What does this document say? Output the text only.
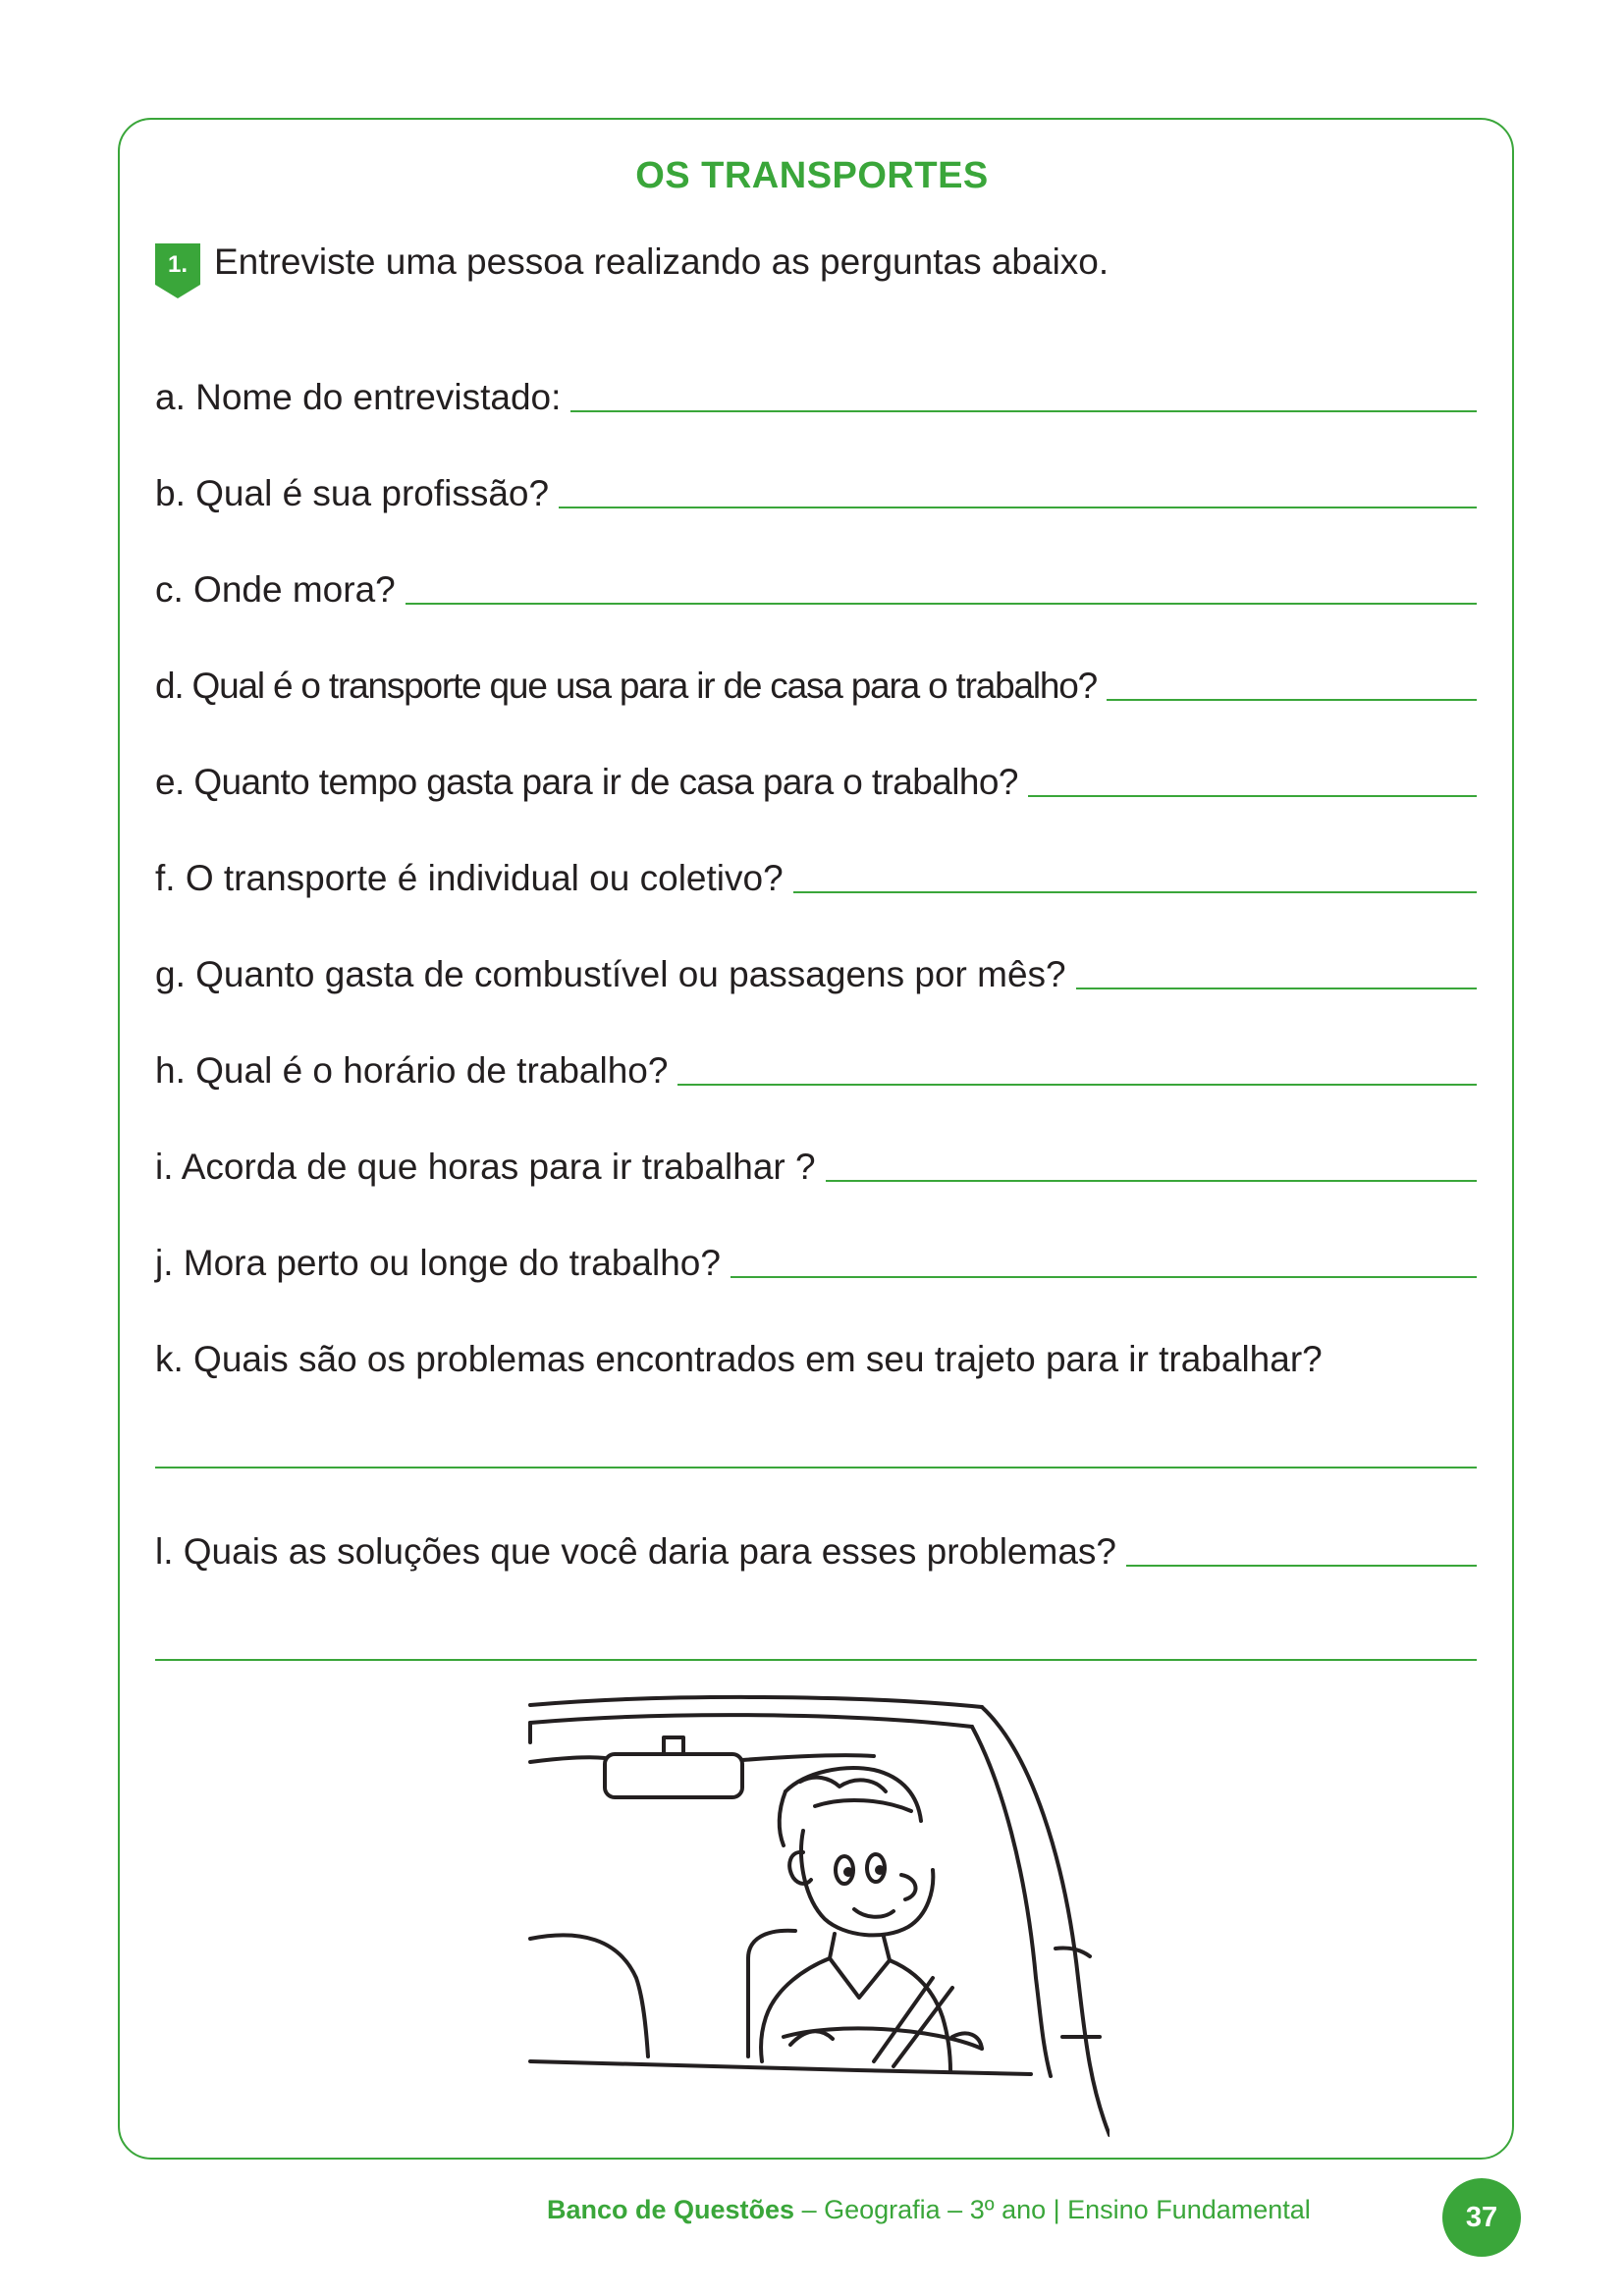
OS TRANSPORTES
1. Entreviste uma pessoa realizando as perguntas abaixo.
a. Nome do entrevistado:
b. Qual é sua profissão?
c. Onde mora?
d. Qual é o transporte que usa para ir de casa para o trabalho?
e. Quanto tempo gasta para ir de casa para o trabalho?
f. O transporte é individual ou coletivo?
g. Quanto gasta de combustível ou passagens por mês?
h. Qual é o horário de trabalho?
i. Acorda de que horas para ir trabalhar ?
j. Mora perto ou longe do trabalho?
k. Quais são os problemas encontrados em seu trajeto para ir trabalhar?
l. Quais as soluções que você daria para esses problemas?
Banco de Questões – Geografia – 3º ano | Ensino Fundamental	37
